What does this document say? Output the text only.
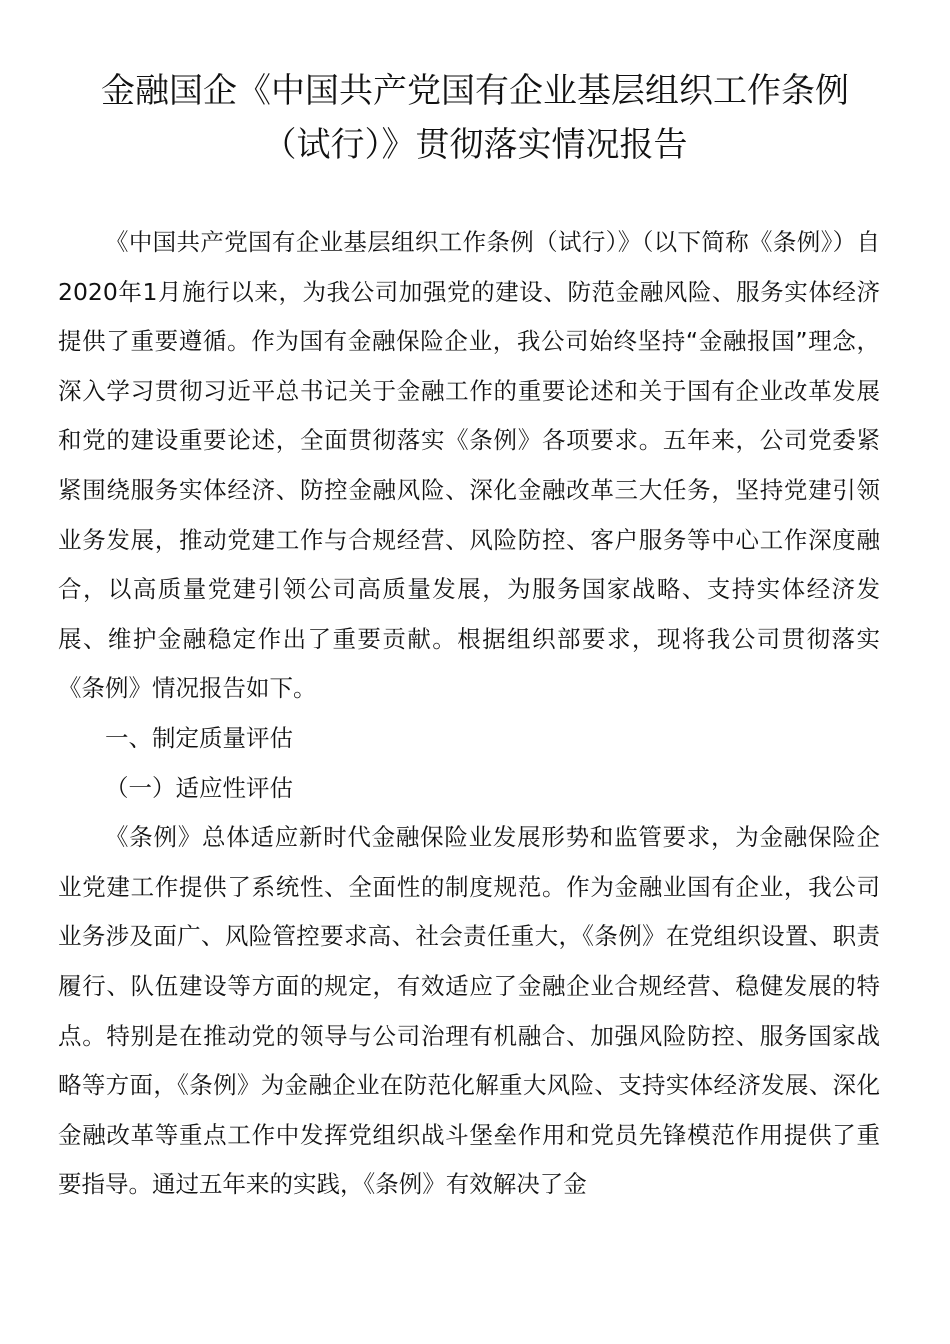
金融国企《中国共产党国有企业基层组织工作条例
（试行）》贯彻落实情况报告

《中国共产党国有企业基层组织工作条例（试行）》（以下简称《条例》）自2020年1月施行以来，为我公司加强党的建设、防范金融风险、服务实体经济提供了重要遵循。作为国有金融保险企业，我公司始终坚持“金融报国”理念，深入学习贯彻习近平总书记关于金融工作的重要论述和关于国有企业改革发展和党的建设重要论述，全面贯彻落实《条例》各项要求。五年来，公司党委紧紧围绕服务实体经济、防控金融风险、深化金融改革三大任务，坚持党建引领业务发展，推动党建工作与合规经营、风险防控、客户服务等中心工作深度融合，以高质量党建引领公司高质量发展，为服务国家战略、支持实体经济发展、维护金融稳定作出了重要贡献。根据组织部要求，现将我公司贯彻落实《条例》情况报告如下。

一、制定质量评估

（一）适应性评估

《条例》总体适应新时代金融保险业发展形势和监管要求，为金融保险企业党建工作提供了系统性、全面性的制度规范。作为金融业国有企业，我公司业务涉及面广、风险管控要求高、社会责任重大，《条例》在党组织设置、职责履行、队伍建设等方面的规定，有效适应了金融企业合规经营、稳健发展的特点。特别是在推动党的领导与公司治理有机融合、加强风险防控、服务国家战略等方面，《条例》为金融企业在防范化解重大风险、支持实体经济发展、深化金融改革等重点工作中发挥党组织战斗堡垒作用和党员先锋模范作用提供了重要指导。通过五年来的实践，《条例》有效解决了金
